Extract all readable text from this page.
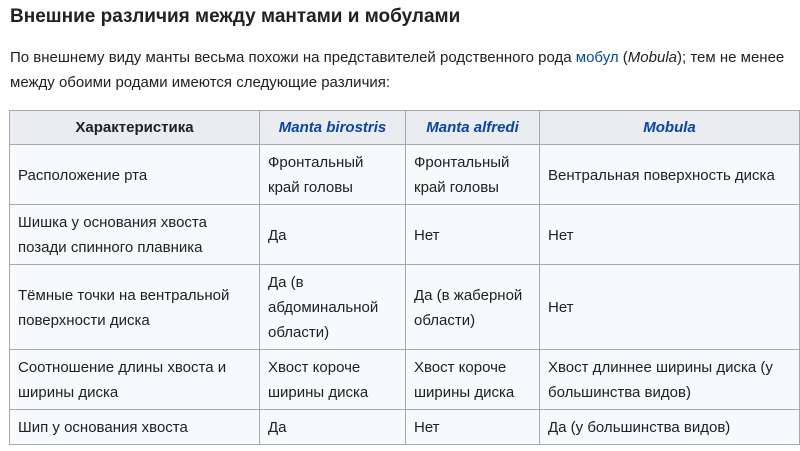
Внешние различия между мантами и мобулами

По внешнему виду манты весьма похожи на представителей родственного рода мобул (Mobula); тем не менее между обоими родами имеются следующие различия:

Характеристика	Manta birostris	Manta alfredi	Mobula
Расположение рта	Фронтальный край головы	Фронтальный край головы	Вентральная поверхность диска
Шишка у основания хвоста позади спинного плавника	Да	Нет	Нет
Тёмные точки на вентральной поверхности диска	Да (в абдоминальной области)	Да (в жаберной области)	Нет
Соотношение длины хвоста и ширины диска	Хвост короче ширины диска	Хвост короче ширины диска	Хвост длиннее ширины диска (у большинства видов)
Шип у основания хвоста	Да	Нет	Да (у большинства видов)
